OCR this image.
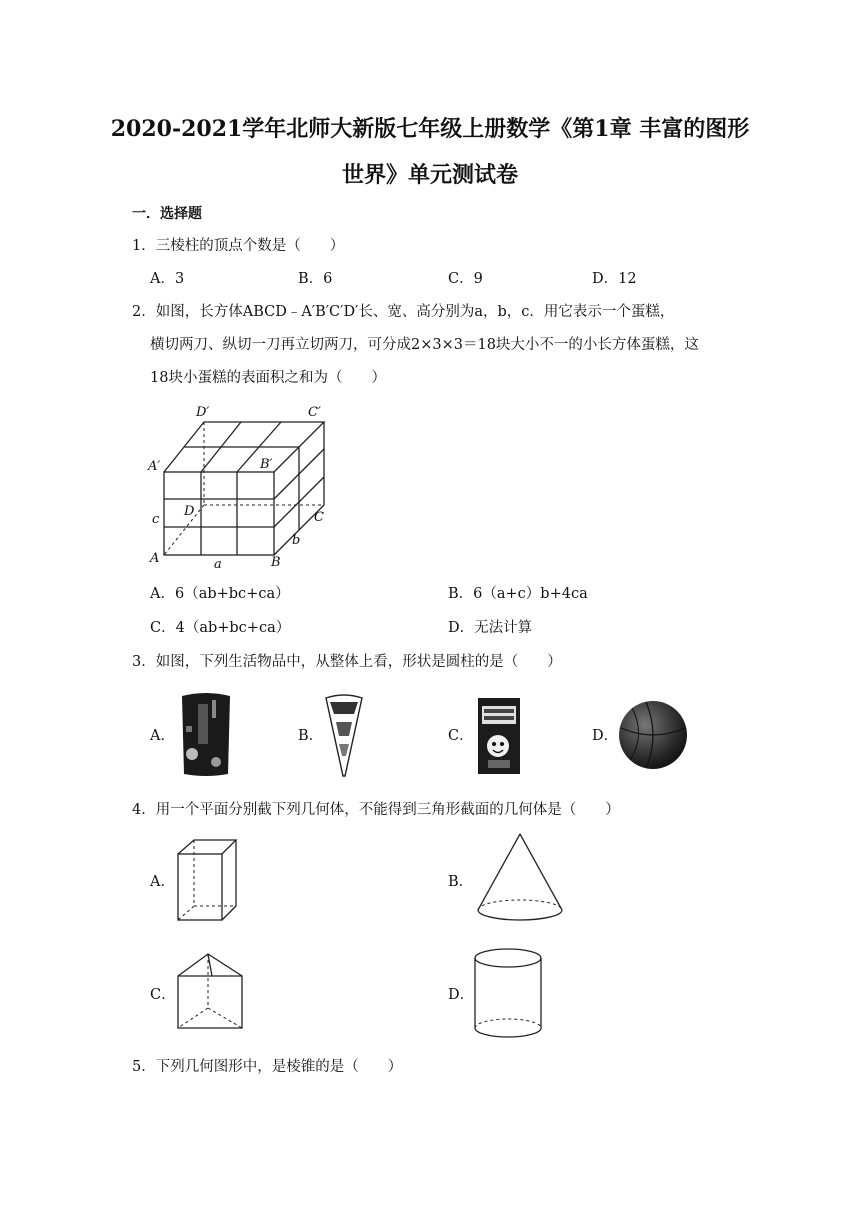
2020-2021学年北师大新版七年级上册数学《第1章 丰富的图形
世界》单元测试卷
一．选择题
1．三棱柱的顶点个数是（　　）
A．3	B．6	C．9	D．12
2．如图，长方体ABCD﹣A′B′C′D′长、宽、高分别为a，b，c．用它表示一个蛋糕，
横切两刀、纵切一刀再立切两刀，可分成2×3×3＝18块大小不一的小长方体蛋糕，这
18块小蛋糕的表面积之和为（　　）
D′	C′
A′	B′
D	C
A	B
a
b
c
A．6（ab+bc+ca）	B．6（a+c）b+4ca
C．4（ab+bc+ca）	D．无法计算
3．如图，下列生活物品中，从整体上看，形状是圆柱的是（　　）
A．	B．	C．	D．
4．用一个平面分别截下列几何体，不能得到三角形截面的几何体是（　　）
A．	B．
C．	D．
5．下列几何图形中，是棱锥的是（　　）
